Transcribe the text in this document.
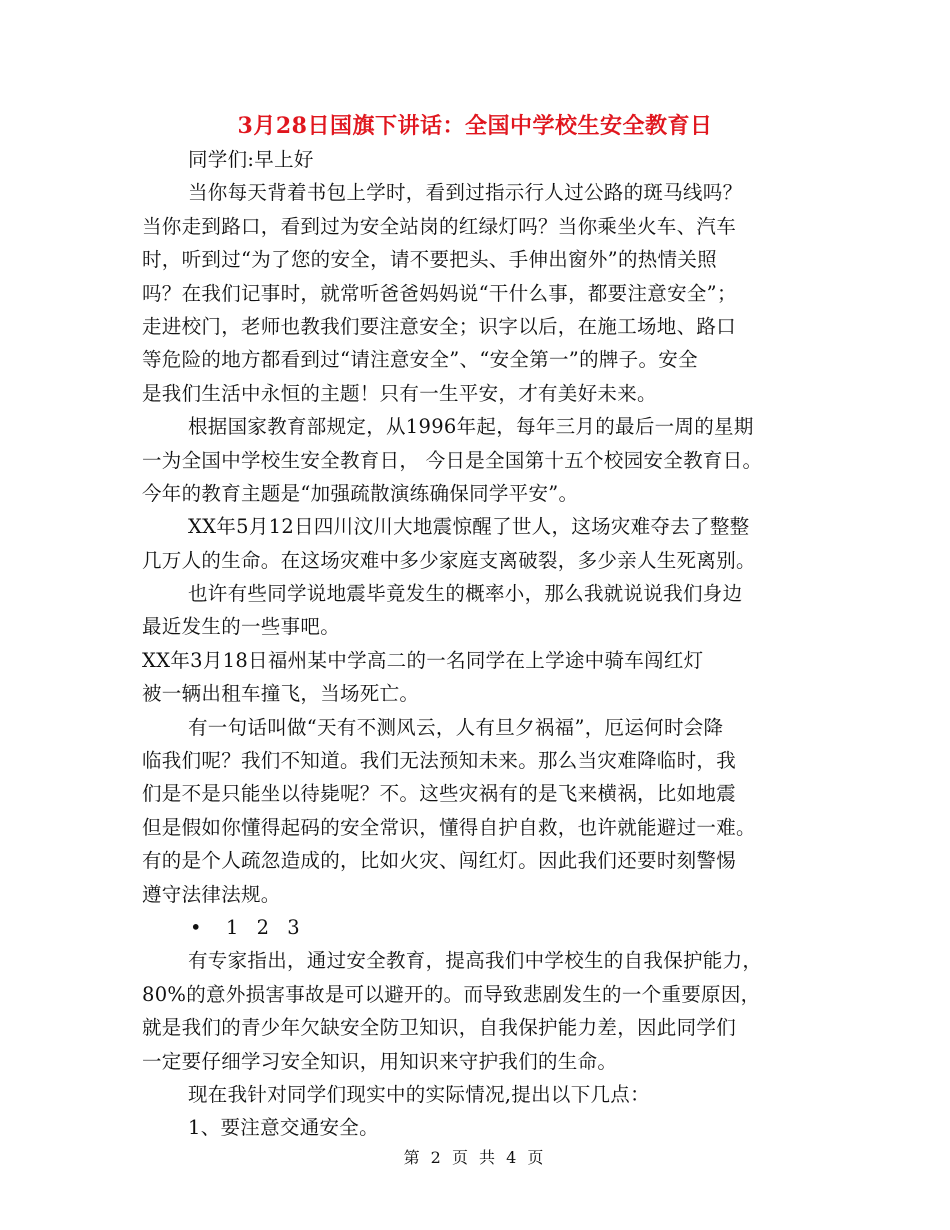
3月28日国旗下讲话：全国中学校生安全教育日
同学们:早上好
当你每天背着书包上学时，看到过指示行人过公路的斑马线吗？
当你走到路口，看到过为安全站岗的红绿灯吗？当你乘坐火车、汽车
时，听到过“为了您的安全，请不要把头、手伸出窗外”的热情关照
吗？在我们记事时，就常听爸爸妈妈说“干什么事，都要注意安全”；
走进校门，老师也教我们要注意安全；识字以后，在施工场地、路口
等危险的地方都看到过“请注意安全”、“安全第一”的牌子。安全
是我们生活中永恒的主题！只有一生平安，才有美好未来。
根据国家教育部规定，从1996年起，每年三月的最后一周的星期
一为全国中学校生安全教育日， 今日是全国第十五个校园安全教育日。
今年的教育主题是“加强疏散演练确保同学平安”。
XX年5月12日四川汶川大地震惊醒了世人，这场灾难夺去了整整
几万人的生命。在这场灾难中多少家庭支离破裂，多少亲人生死离别。
也许有些同学说地震毕竟发生的概率小，那么我就说说我们身边
最近发生的一些事吧。
XX年3月18日福州某中学高二的一名同学在上学途中骑车闯红灯
被一辆出租车撞飞，当场死亡。
有一句话叫做“天有不测风云，人有旦夕祸福”，厄运何时会降
临我们呢？我们不知道。我们无法预知未来。那么当灾难降临时，我
们是不是只能坐以待毙呢？不。这些灾祸有的是飞来横祸，比如地震
但是假如你懂得起码的安全常识，懂得自护自救，也许就能避过一难。
有的是个人疏忽造成的，比如火灾、闯红灯。因此我们还要时刻警惕
遵守法律法规。
• 1 2 3
有专家指出，通过安全教育，提高我们中学校生的自我保护能力，
80%的意外损害事故是可以避开的。而导致悲剧发生的一个重要原因，
就是我们的青少年欠缺安全防卫知识，自我保护能力差，因此同学们
一定要仔细学习安全知识，用知识来守护我们的生命。
现在我针对同学们现实中的实际情况,提出以下几点：
1、要注意交通安全。
第 2 页 共 4 页
